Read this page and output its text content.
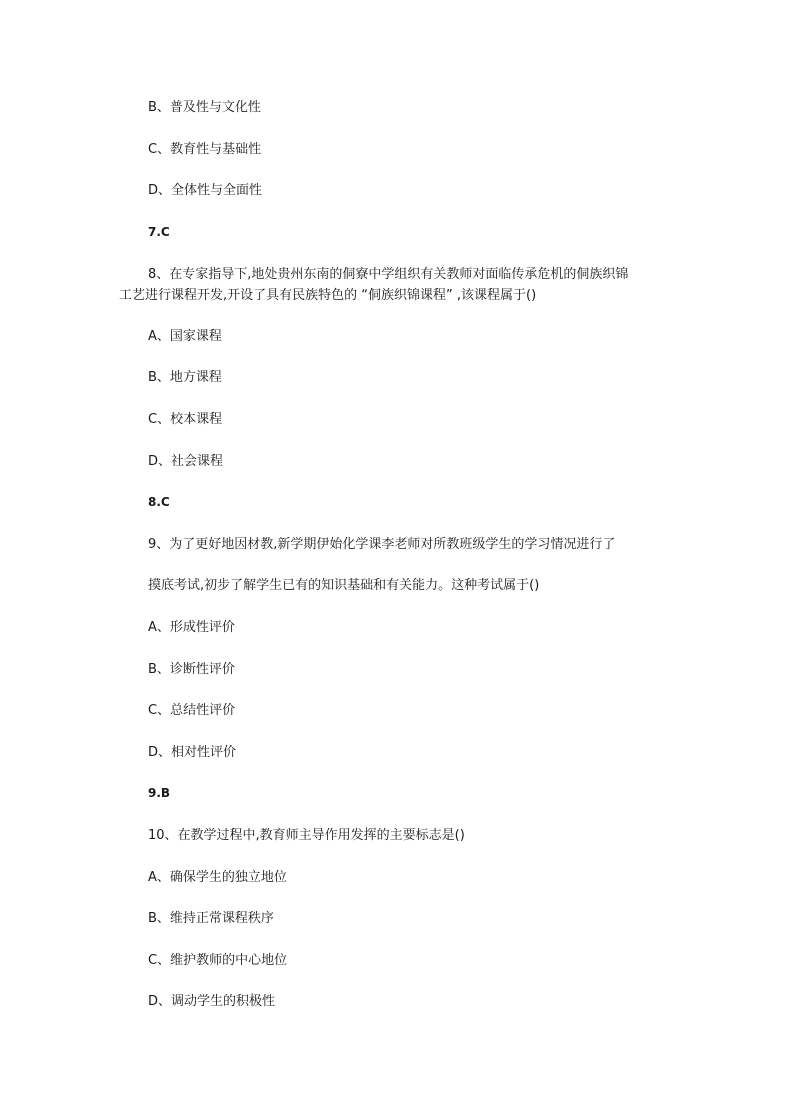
B、普及性与文化性

C、教育性与基础性

D、全体性与全面性

7.C

8、在专家指导下,地处贵州东南的侗寮中学组织有关教师对面临传承危机的侗族织锦

工艺进行课程开发,开设了具有民族特色的 “侗族织锦课程” ,该课程属于()

A、国家课程

B、地方课程

C、校本课程

D、社会课程

8.C

9、为了更好地因材教,新学期伊始化学课李老师对所教班级学生的学习情况进行了

摸底考试,初步了解学生已有的知识基础和有关能力。这种考试属于()

A、形成性评价

B、诊断性评价

C、总结性评价

D、相对性评价

9.B

10、在教学过程中,教育师主导作用发挥的主要标志是()

A、确保学生的独立地位

B、维持正常课程秩序

C、维护教师的中心地位

D、调动学生的积极性
